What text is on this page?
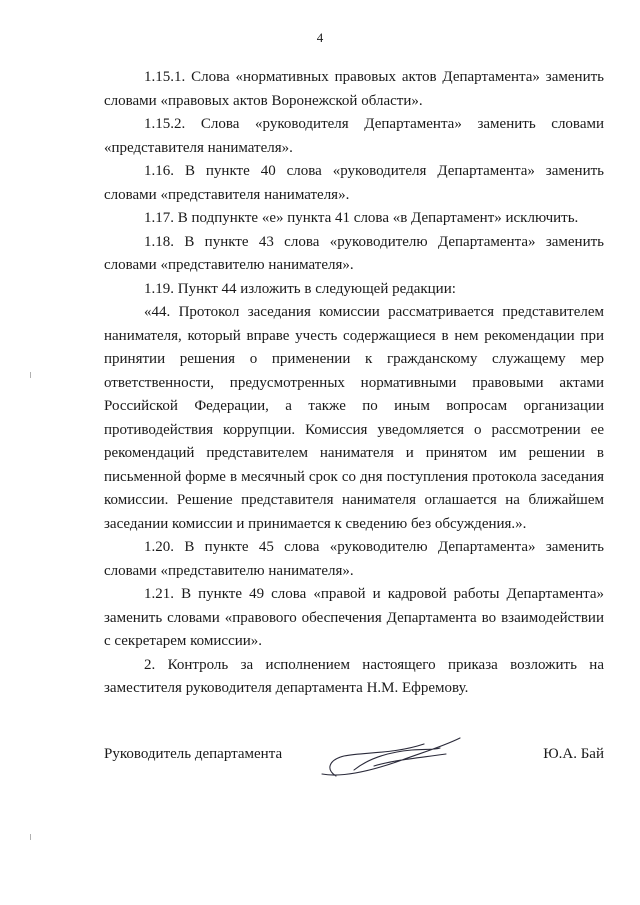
4

1.15.1. Слова «нормативных правовых актов Департамента» заменить словами «правовых актов Воронежской области».

1.15.2. Слова «руководителя Департамента» заменить словами «представителя нанимателя».

1.16. В пункте 40 слова «руководителя Департамента» заменить словами «представителя нанимателя».

1.17. В подпункте «е» пункта 41 слова «в Департамент» исключить.

1.18. В пункте 43 слова «руководителю Департамента» заменить словами «представителю нанимателя».

1.19. Пункт 44 изложить в следующей редакции:

«44. Протокол заседания комиссии рассматривается представителем нанимателя, который вправе учесть содержащиеся в нем рекомендации при принятии решения о применении к гражданскому служащему мер ответственности, предусмотренных нормативными правовыми актами Российской Федерации, а также по иным вопросам организации противодействия коррупции. Комиссия уведомляется о рассмотрении ее рекомендаций представителем нанимателя и принятом им решении в письменной форме в месячный срок со дня поступления протокола заседания комиссии. Решение представителя нанимателя оглашается на ближайшем заседании комиссии и принимается к сведению без обсуждения.».

1.20. В пункте 45 слова «руководителю Департамента» заменить словами «представителю нанимателя».

1.21. В пункте 49 слова «правой и кадровой работы Департамента» заменить словами «правового обеспечения Департамента во взаимодействии с секретарем комиссии».

2. Контроль за исполнением настоящего приказа возложить на заместителя руководителя департамента Н.М. Ефремову.

Руководитель департамента	Ю.А. Бай
